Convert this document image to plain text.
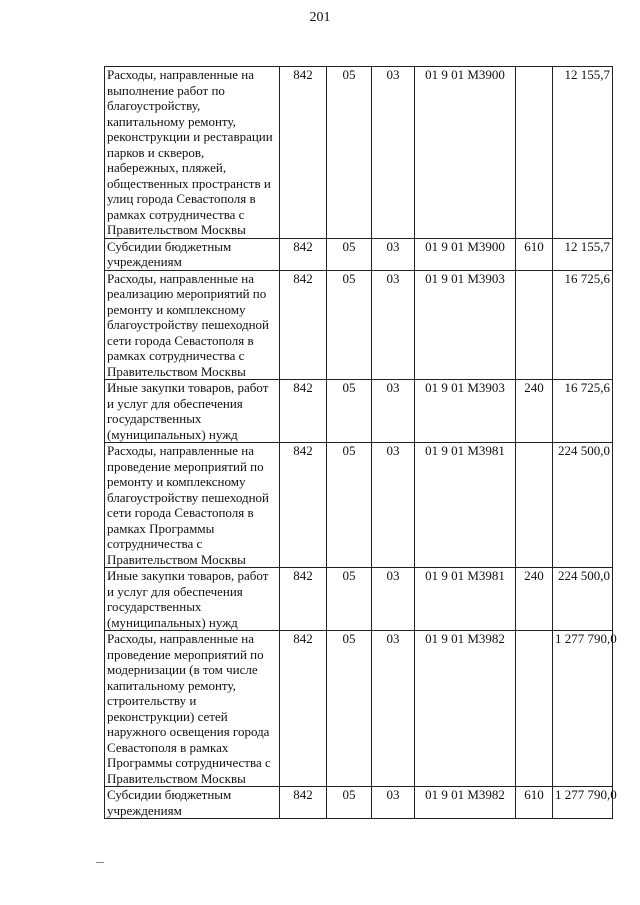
201
Расходы, направленные на выполнение работ по благоустройству, капитальному ремонту, реконструкции и реставрации парков и скверов, набережных, пляжей, общественных пространств и улиц города Севастополя в рамках сотрудничества с Правительством Москвы	842	05	03	01 9 01 М3900		12 155,7
Субсидии бюджетным учреждениям	842	05	03	01 9 01 М3900	610	12 155,7
Расходы, направленные на реализацию мероприятий по ремонту и комплексному благоустройству пешеходной сети города Севастополя в рамках сотрудничества с Правительством Москвы	842	05	03	01 9 01 М3903		16 725,6
Иные закупки товаров, работ и услуг для обеспечения государственных (муниципальных) нужд	842	05	03	01 9 01 М3903	240	16 725,6
Расходы, направленные на проведение мероприятий по ремонту и комплексному благоустройству пешеходной сети города Севастополя в рамках Программы сотрудничества с Правительством Москвы	842	05	03	01 9 01 М3981		224 500,0
Иные закупки товаров, работ и услуг для обеспечения государственных (муниципальных) нужд	842	05	03	01 9 01 М3981	240	224 500,0
Расходы, направленные на проведение мероприятий по модернизации (в том числе капитальному ремонту, строительству и реконструкции) сетей наружного освещения города Севастополя в рамках Программы сотрудничества с Правительством Москвы	842	05	03	01 9 01 М3982		1 277 790,0
Субсидии бюджетным учреждениям	842	05	03	01 9 01 М3982	610	1 277 790,0
